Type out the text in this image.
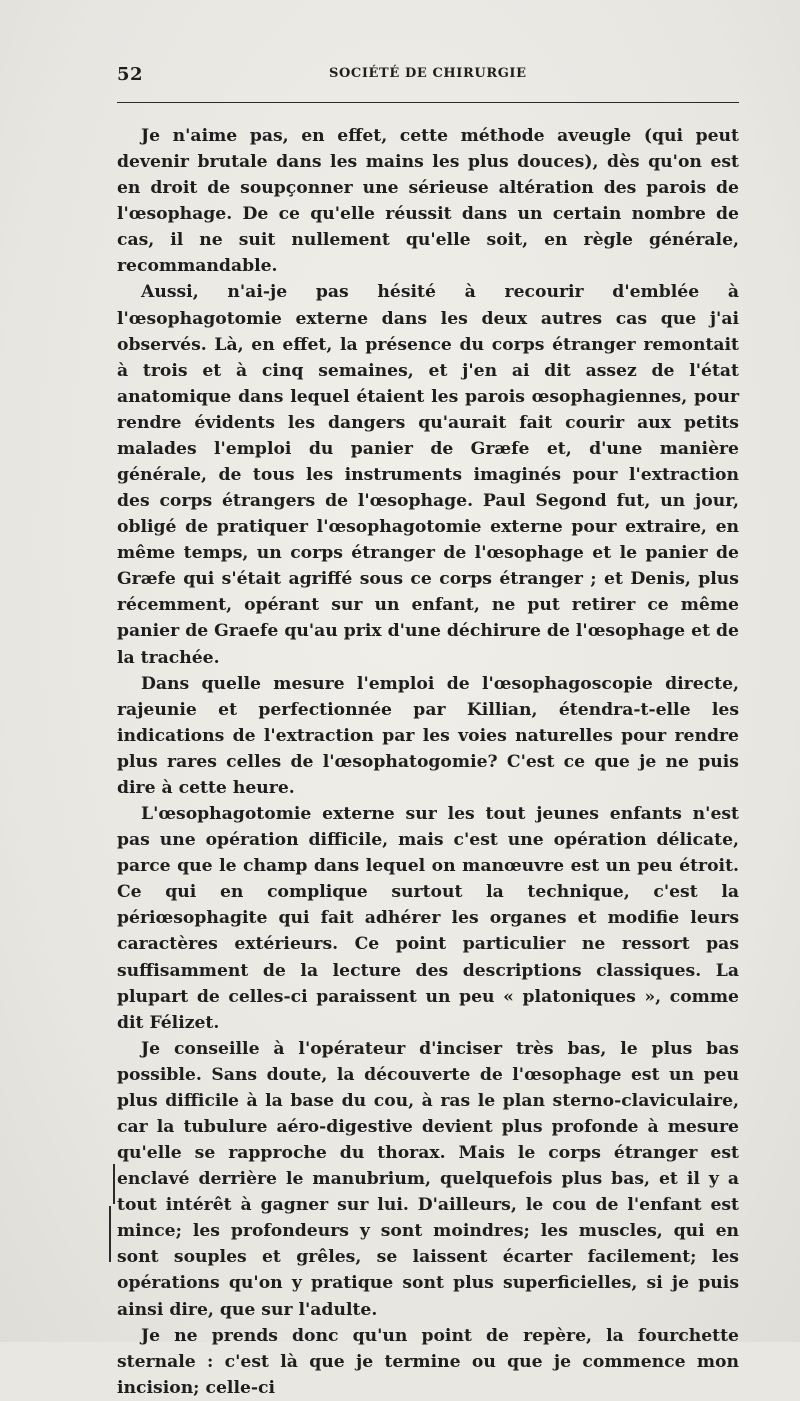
52	SOCIÉTÉ DE CHIRURGIE

Je n'aime pas, en effet, cette méthode aveugle (qui peut devenir brutale dans les mains les plus douces), dès qu'on est en droit de soupçonner une sérieuse altération des parois de l'œsophage. De ce qu'elle réussit dans un certain nombre de cas, il ne suit nullement qu'elle soit, en règle générale, recommandable.

Aussi, n'ai-je pas hésité à recourir d'emblée à l'œsophagotomie externe dans les deux autres cas que j'ai observés. Là, en effet, la présence du corps étranger remontait à trois et à cinq semaines, et j'en ai dit assez de l'état anatomique dans lequel étaient les parois œsophagiennes, pour rendre évidents les dangers qu'aurait fait courir aux petits malades l'emploi du panier de Græfe et, d'une manière générale, de tous les instruments imaginés pour l'extraction des corps étrangers de l'œsophage. Paul Segond fut, un jour, obligé de pratiquer l'œsophagotomie externe pour extraire, en même temps, un corps étranger de l'œsophage et le panier de Græfe qui s'était agriffé sous ce corps étranger ; et Denis, plus récemment, opérant sur un enfant, ne put retirer ce même panier de Graefe qu'au prix d'une déchirure de l'œsophage et de la trachée.

Dans quelle mesure l'emploi de l'œsophagoscopie directe, rajeunie et perfectionnée par Killian, étendra-t-elle les indications de l'extraction par les voies naturelles pour rendre plus rares celles de l'œsophatogomie? C'est ce que je ne puis dire à cette heure.

L'œsophagotomie externe sur les tout jeunes enfants n'est pas une opération difficile, mais c'est une opération délicate, parce que le champ dans lequel on manœuvre est un peu étroit. Ce qui en complique surtout la technique, c'est la périœsophagite qui fait adhérer les organes et modifie leurs caractères extérieurs. Ce point particulier ne ressort pas suffisamment de la lecture des descriptions classiques. La plupart de celles-ci paraissent un peu « platoniques », comme dit Félizet.

Je conseille à l'opérateur d'inciser très bas, le plus bas possible. Sans doute, la découverte de l'œsophage est un peu plus difficile à la base du cou, à ras le plan sterno-claviculaire, car la tubulure aéro-digestive devient plus profonde à mesure qu'elle se rapproche du thorax. Mais le corps étranger est enclavé derrière le manubrium, quelquefois plus bas, et il y a tout intérêt à gagner sur lui. D'ailleurs, le cou de l'enfant est mince; les profondeurs y sont moindres; les muscles, qui en sont souples et grêles, se laissent écarter facilement; les opérations qu'on y pratique sont plus superficielles, si je puis ainsi dire, que sur l'adulte.

Je ne prends donc qu'un point de repère, la fourchette sternale : c'est là que je termine ou que je commence mon incision; celle-ci
